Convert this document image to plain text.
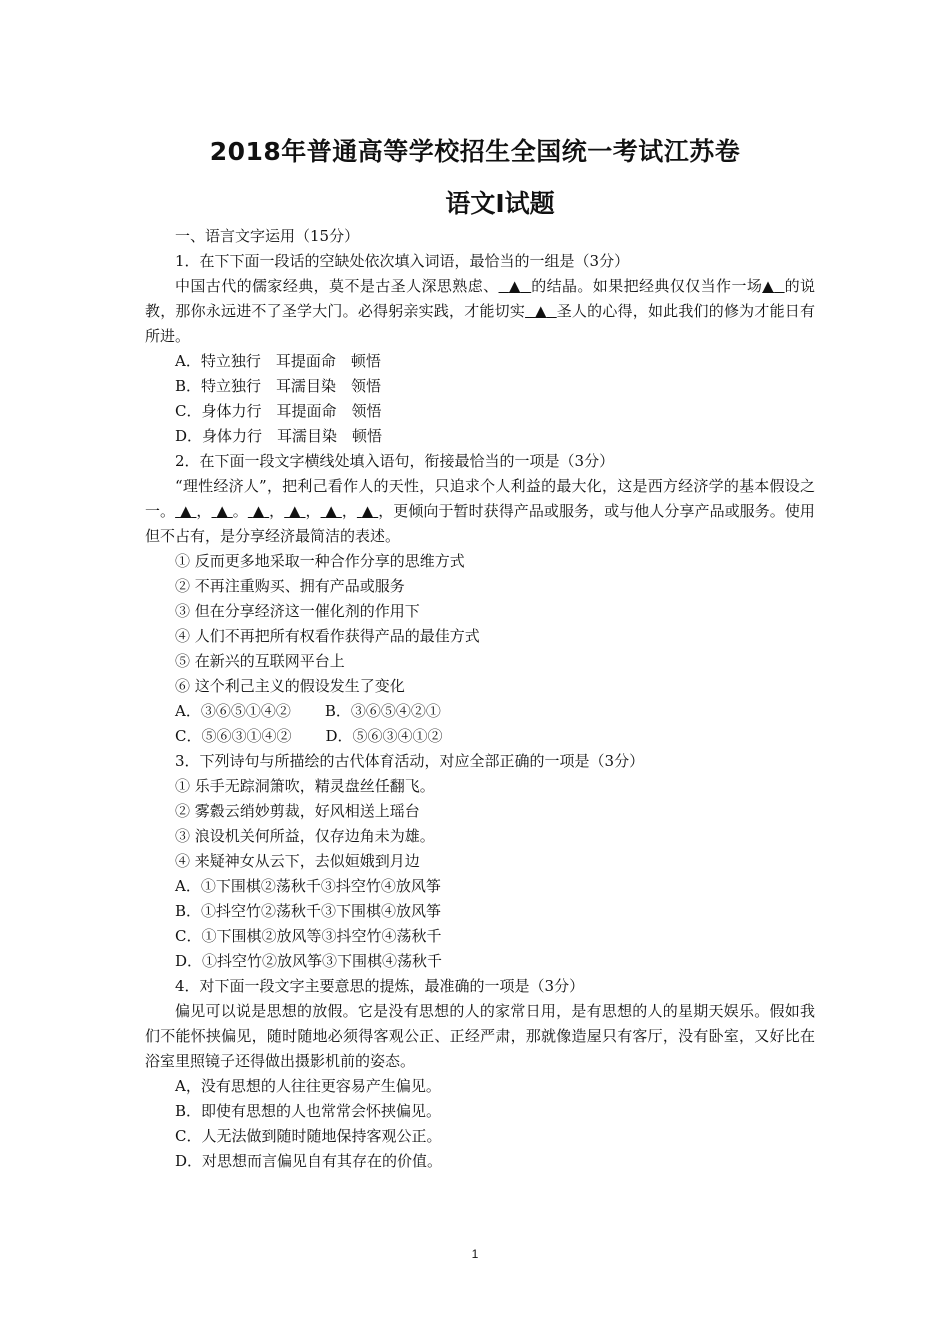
2018年普通高等学校招生全国统一考试江苏卷
语文Ⅰ试题
一、语言文字运用（15分）
1．在下下面一段话的空缺处依次填入词语，最恰当的一组是（3分）
中国古代的儒家经典，莫不是古圣人深思熟虑、 ▲ 的结晶。如果把经典仅仅当作一场▲ 的说教，那你永远进不了圣学大门。必得躬亲实践，才能切实 ▲ 圣人的心得，如此我们的修为才能日有所进。
A．特立独行　耳提面命　顿悟
B．特立独行　耳濡目染　领悟
C．身体力行　耳提面命　领悟
D．身体力行　耳濡目染　顿悟
2．在下面一段文字横线处填入语句，衔接最恰当的一项是（3分）
“理性经济人”，把利己看作人的天性，只追求个人利益的最大化，这是西方经济学的基本假设之一。 ▲ ， ▲ 。 ▲ ， ▲ ， ▲ ， ▲ ，更倾向于暂时获得产品或服务，或与他人分享产品或服务。使用但不占有，是分享经济最简洁的表述。
① 反而更多地采取一种合作分享的思维方式
② 不再注重购买、拥有产品或服务
③ 但在分享经济这一催化剂的作用下
④ 人们不再把所有权看作获得产品的最佳方式
⑤ 在新兴的互联网平台上
⑥ 这个利己主义的假设发生了变化
A．③⑥⑤①④② B．③⑥⑤④②①
C．⑤⑥③①④② D．⑤⑥③④①②
3．下列诗句与所描绘的古代体育活动，对应全部正确的一项是（3分）
① 乐手无踪洞箫吹，精灵盘丝任翻飞。
② 雾縠云绡妙剪裁，好风相送上瑶台
③ 浪设机关何所益，仅存边角未为雄。
④ 来疑神女从云下，去似姮娥到月边
A．①下围棋②荡秋千③抖空竹④放风筝
B．①抖空竹②荡秋千③下围棋④放风筝
C．①下围棋②放风等③抖空竹④荡秋千
D．①抖空竹②放风筝③下围棋④荡秋千
4．对下面一段文字主要意思的提炼，最准确的一项是（3分）
偏见可以说是思想的放假。它是没有思想的人的家常日用，是有思想的人的星期天娱乐。假如我们不能怀挟偏见，随时随地必须得客观公正、正经严肃，那就像造屋只有客厅，没有卧室，又好比在浴室里照镜子还得做出摄影机前的姿态。
A，没有思想的人往往更容易产生偏见。
B．即使有思想的人也常常会怀挟偏见。
C．人无法做到随时随地保持客观公正。
D．对思想而言偏见自有其存在的价值。
1
